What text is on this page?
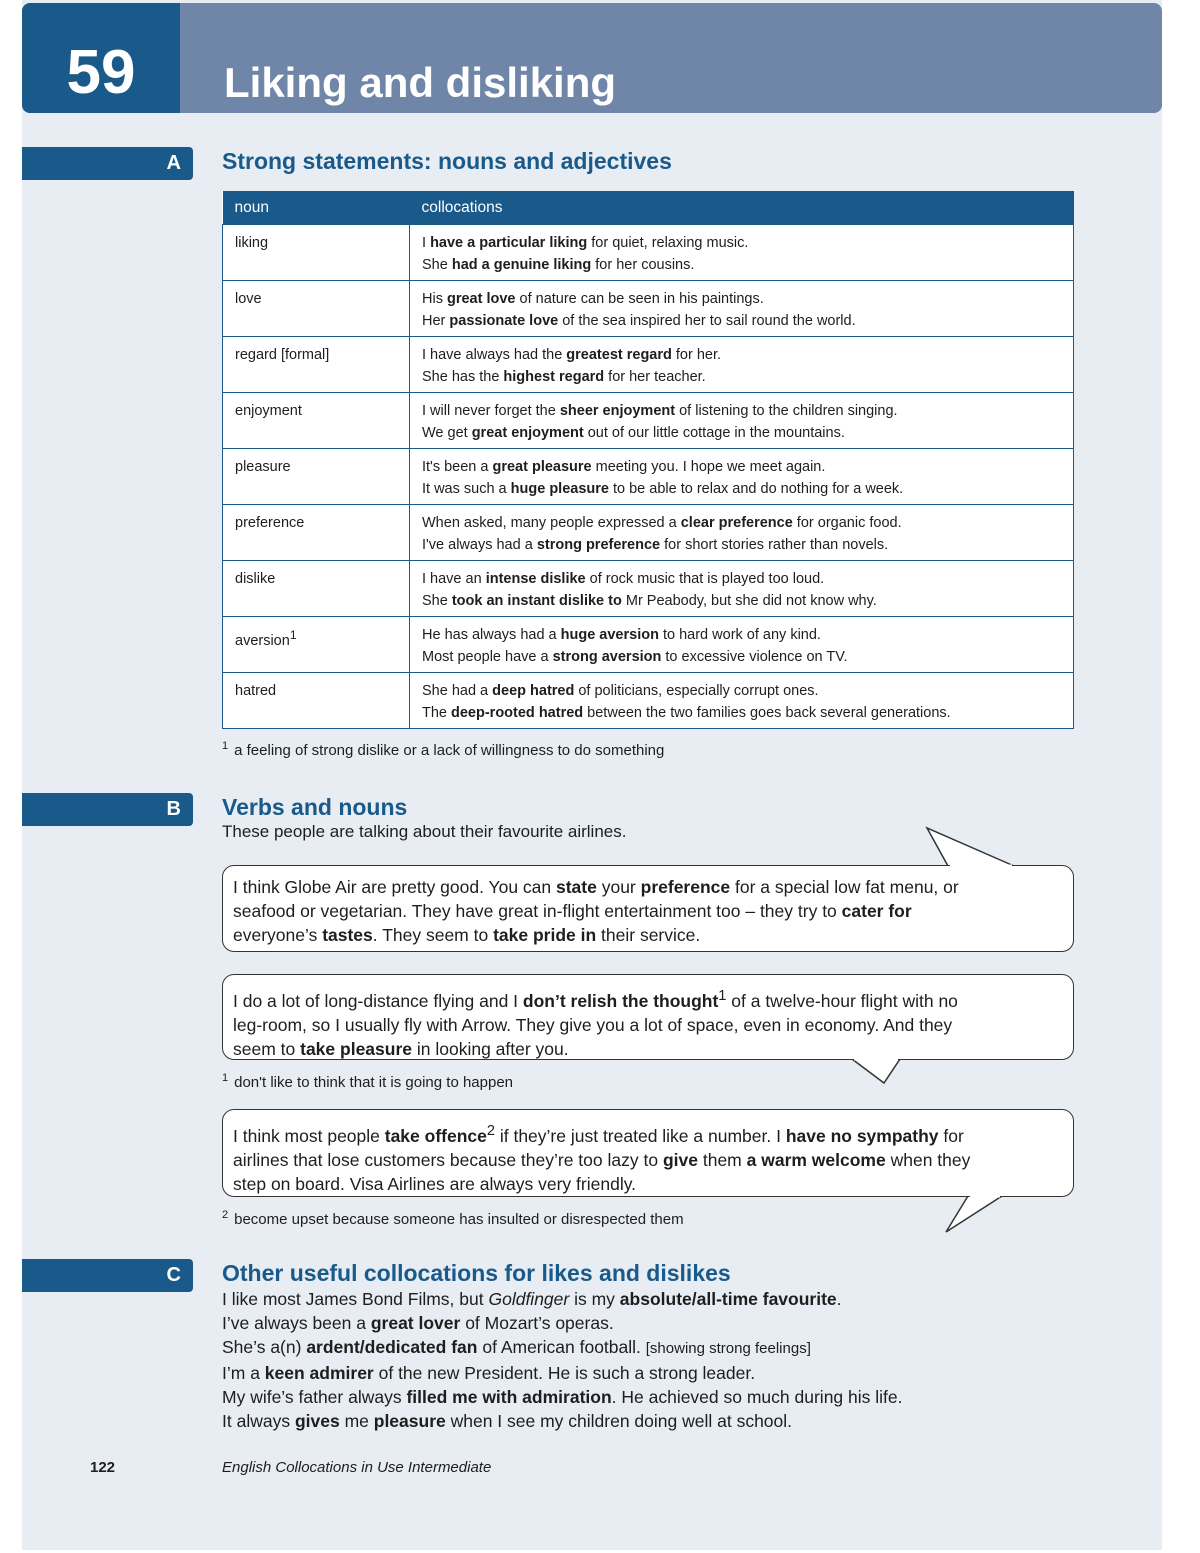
59	Liking and disliking
A Strong statements: nouns and adjectives
noun	collocations
liking	I have a particular liking for quiet, relaxing music.
She had a genuine liking for her cousins.

love	His great love of nature can be seen in his paintings.
Her passionate love of the sea inspired her to sail round the world.

regard [formal]	I have always had the greatest regard for her.
She has the highest regard for her teacher.

enjoyment	I will never forget the sheer enjoyment of listening to the children singing.
We get great enjoyment out of our little cottage in the mountains.

pleasure	It's been a great pleasure meeting you. I hope we meet again.
It was such a huge pleasure to be able to relax and do nothing for a week.

preference	When asked, many people expressed a clear preference for organic food.
I've always had a strong preference for short stories rather than novels.

dislike	I have an intense dislike of rock music that is played too loud.
She took an instant dislike to Mr Peabody, but she did not know why.

aversion$^1$	He has always had a huge aversion to hard work of any kind.
Most people have a strong aversion to excessive violence on TV.

hatred	She had a deep hatred of politicians, especially corrupt ones.
The deep-rooted hatred between the two families goes back several generations.
$^1$ a feeling of strong dislike or a lack of willingness to do something
B Verbs and nouns
These people are talking about their favourite airlines.
I think Globe Air are pretty good. You can state your preference for a special low fat menu, or
seafood or vegetarian. They have great in-flight entertainment too – they try to cater for
everyone’s tastes. They seem to take pride in their service.
I do a lot of long-distance flying and I don’t relish the thought$^1$ of a twelve-hour flight with no
leg-room, so I usually fly with Arrow. They give you a lot of space, even in economy. And they
seem to take pleasure in looking after you.
$^1$ don't like to think that it is going to happen
I think most people take offence$^2$ if they’re just treated like a number. I have no sympathy for
airlines that lose customers because they’re too lazy to give them a warm welcome when they
step on board. Visa Airlines are always very friendly.
$^2$ become upset because someone has insulted or disrespected them
C Other useful collocations for likes and dislikes
I like most James Bond Films, but Goldfinger is my absolute/all-time favourite.
I’ve always been a great lover of Mozart’s operas.
She’s a(n) ardent/dedicated fan of American football. [showing strong feelings]
I’m a keen admirer of the new President. He is such a strong leader.
My wife’s father always filled me with admiration. He achieved so much during his life.
It always gives me pleasure when I see my children doing well at school.
122	English Collocations in Use Intermediate
